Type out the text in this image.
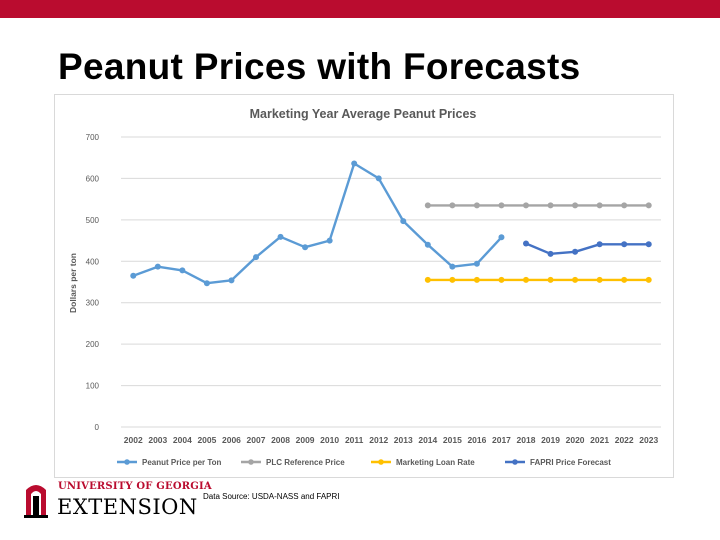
Peanut Prices with Forecasts
Marketing Year Average Peanut Prices
Dollars per ton
0
100
200
300
400
500
600
700
2002 2003 2004 2005 2006 2007 2008 2009 2010 2011 2012 2013 2014 2015 2016 2017 2018 2019 2020 2021 2022 2023
Peanut Price per Ton	PLC Reference Price	Marketing Loan Rate	FAPRI Price Forecast
UNIVERSITY OF GEORGIA
EXTENSION Data Source: USDA-NASS and FAPRI
